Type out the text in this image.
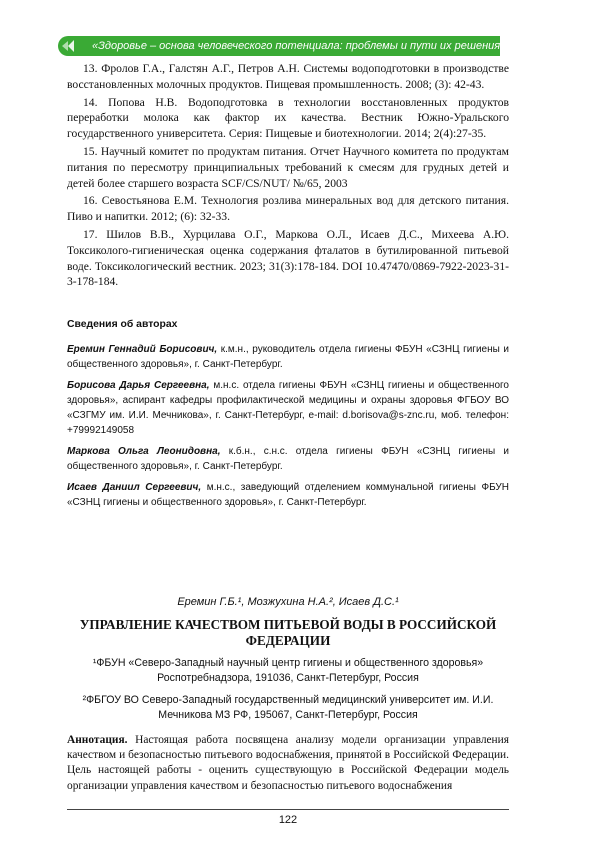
«Здоровье – основа человеческого потенциала: проблемы и пути их решения»

13. Фролов Г.А., Галстян А.Г., Петров А.Н. Системы водоподготовки в производстве восстановленных молочных продуктов. Пищевая промышленность. 2008; (3): 42-43.

14. Попова Н.В. Водоподготовка в технологии восстановленных продуктов переработки молока как фактор их качества. Вестник Южно-Уральского государственного университета. Серия: Пищевые и биотехнологии. 2014; 2(4):27-35.

15. Научный комитет по продуктам питания. Отчет Научного комитета по продуктам питания по пересмотру принципиальных требований к смесям для грудных детей и детей более старшего возраста SCF/CS/NUT/ №/65, 2003

16. Севостьянова Е.М. Технология розлива минеральных вод для детского питания. Пиво и напитки. 2012; (6): 32-33.

17. Шилов В.В., Хурцилава О.Г., Маркова О.Л., Исаев Д.С., Михеева А.Ю. Токсиколого-гигиеническая оценка содержания фталатов в бутилированной питьевой воде. Токсикологический вестник. 2023; 31(3):178-184. DOI 10.47470/0869-7922-2023-31-3-178-184.

Сведения об авторах

Еремин Геннадий Борисович, к.м.н., руководитель отдела гигиены ФБУН «СЗНЦ гигиены и общественного здоровья», г. Санкт-Петербург.

Борисова Дарья Сергеевна, м.н.с. отдела гигиены ФБУН «СЗНЦ гигиены и общественного здоровья», аспирант кафедры профилактической медицины и охраны здоровья ФГБОУ ВО «СЗГМУ им. И.И. Мечникова», г. Санкт-Петербург, e-mail: d.borisova@s-znc.ru, моб. телефон: +79992149058

Маркова Ольга Леонидовна, к.б.н., с.н.с. отдела гигиены ФБУН «СЗНЦ гигиены и общественного здоровья», г. Санкт-Петербург.

Исаев Даниил Сергеевич, м.н.с., заведующий отделением коммунальной гигиены ФБУН «СЗНЦ гигиены и общественного здоровья», г. Санкт-Петербург.

Еремин Г.Б.¹, Мозжухина Н.А.², Исаев Д.С.¹
УПРАВЛЕНИЕ КАЧЕСТВОМ ПИТЬЕВОЙ ВОДЫ В РОССИЙСКОЙ ФЕДЕРАЦИИ
¹ФБУН «Северо-Западный научный центр гигиены и общественного здоровья» Роспотребнадзора, 191036, Санкт-Петербург, Россия
²ФБГОУ ВО Северо-Западный государственный медицинский университет им. И.И. Мечникова МЗ РФ, 195067, Санкт-Петербург, Россия
Аннотация. Настоящая работа посвящена анализу модели организации управления качеством и безопасностью питьевого водоснабжения, принятой в Российской Федерации. Цель настоящей работы - оценить существующую в Российской Федерации модель организации управления качеством и безопасностью питьевого водоснабжения
122
